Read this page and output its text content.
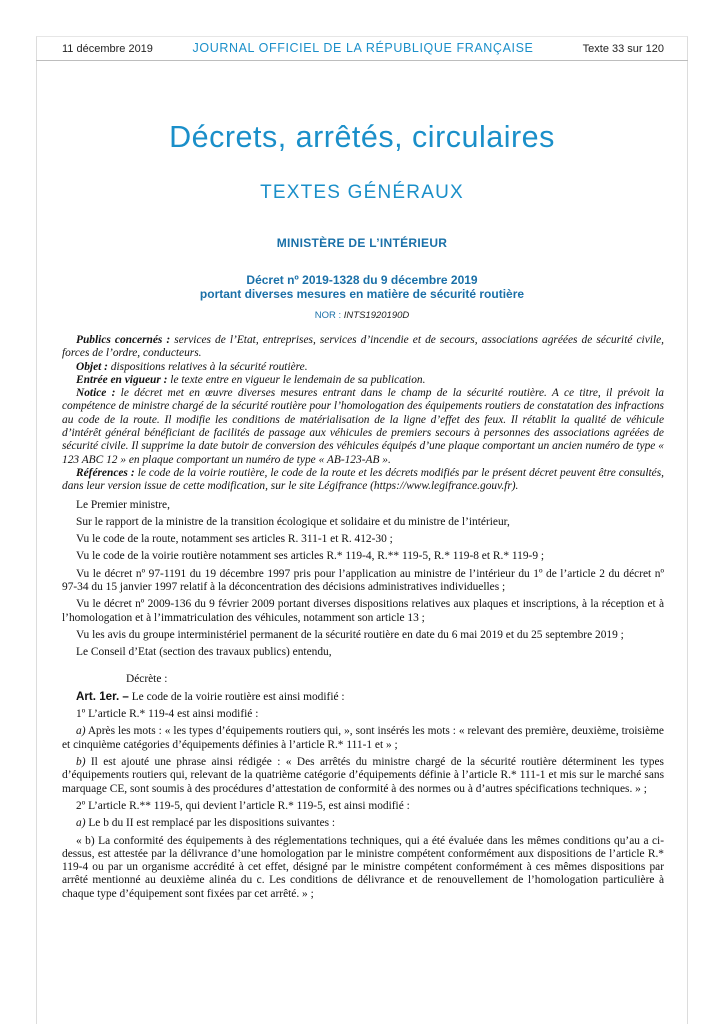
11 décembre 2019	JOURNAL OFFICIEL DE LA RÉPUBLIQUE FRANÇAISE	Texte 33 sur 120
Décrets, arrêtés, circulaires
TEXTES GÉNÉRAUX
MINISTÈRE DE L’INTÉRIEUR
Décret nº 2019-1328 du 9 décembre 2019
portant diverses mesures en matière de sécurité routière
NOR : INTS1920190D

Publics concernés : services de l’Etat, entreprises, services d’incendie et de secours, associations agréées de sécurité civile, forces de l’ordre, conducteurs.

Objet : dispositions relatives à la sécurité routière.

Entrée en vigueur : le texte entre en vigueur le lendemain de sa publication.

Notice : le décret met en œuvre diverses mesures entrant dans le champ de la sécurité routière. A ce titre, il prévoit la compétence de ministre chargé de la sécurité routière pour l’homologation des équipements routiers de constatation des infractions au code de la route. Il modifie les conditions de matérialisation de la ligne d’effet des feux. Il rétablit la qualité de véhicule d’intérêt général bénéficiant de facilités de passage aux véhicules de premiers secours à personnes des associations agréées de sécurité civile. Il supprime la date butoir de conversion des véhicules équipés d’une plaque comportant un ancien numéro de type « 123 ABC 12 » en plaque comportant un numéro de type « AB-123-AB ».

Références : le code de la voirie routière, le code de la route et les décrets modifiés par le présent décret peuvent être consultés, dans leur version issue de cette modification, sur le site Légifrance (https://www.legifrance.gouv.fr).

Le Premier ministre,

Sur le rapport de la ministre de la transition écologique et solidaire et du ministre de l’intérieur,

Vu le code de la route, notamment ses articles R. 311-1 et R. 412-30 ;

Vu le code de la voirie routière notamment ses articles R.* 119-4, R.** 119-5, R.* 119-8 et R.* 119-9 ;

Vu le décret nº 97-1191 du 19 décembre 1997 pris pour l’application au ministre de l’intérieur du 1º de l’article 2 du décret nº 97-34 du 15 janvier 1997 relatif à la déconcentration des décisions administratives individuelles ;

Vu le décret nº 2009-136 du 9 février 2009 portant diverses dispositions relatives aux plaques et inscriptions, à la réception et à l’homologation et à l’immatriculation des véhicules, notamment son article 13 ;

Vu les avis du groupe interministériel permanent de la sécurité routière en date du 6 mai 2019 et du 25 septembre 2019 ;

Le Conseil d’Etat (section des travaux publics) entendu,

Décrète :

Art. 1er. – Le code de la voirie routière est ainsi modifié :

1º L’article R.* 119-4 est ainsi modifié :

a) Après les mots : « les types d’équipements routiers qui, », sont insérés les mots : « relevant des première, deuxième, troisième et cinquième catégories d’équipements définies à l’article R.* 111-1 et » ;

b) Il est ajouté une phrase ainsi rédigée : « Des arrêtés du ministre chargé de la sécurité routière déterminent les types d’équipements routiers qui, relevant de la quatrième catégorie d’équipements définie à l’article R.* 111-1 et mis sur le marché sans marquage CE, sont soumis à des procédures d’attestation de conformité à des normes ou à d’autres spécifications techniques. » ;

2º L’article R.** 119-5, qui devient l’article R.* 119-5, est ainsi modifié :

a) Le b du II est remplacé par les dispositions suivantes :

« b) La conformité des équipements à des réglementations techniques, qui a été évaluée dans les mêmes conditions qu’au a ci-dessus, est attestée par la délivrance d’une homologation par le ministre compétent conformément aux dispositions de l’article R.* 119-4 ou par un organisme accrédité à cet effet, désigné par le ministre compétent conformément à ces mêmes dispositions par arrêté mentionné au deuxième alinéa du c. Les conditions de délivrance et de renouvellement de l’homologation particulière à chaque type d’équipement sont fixées par cet arrêté. » ;
